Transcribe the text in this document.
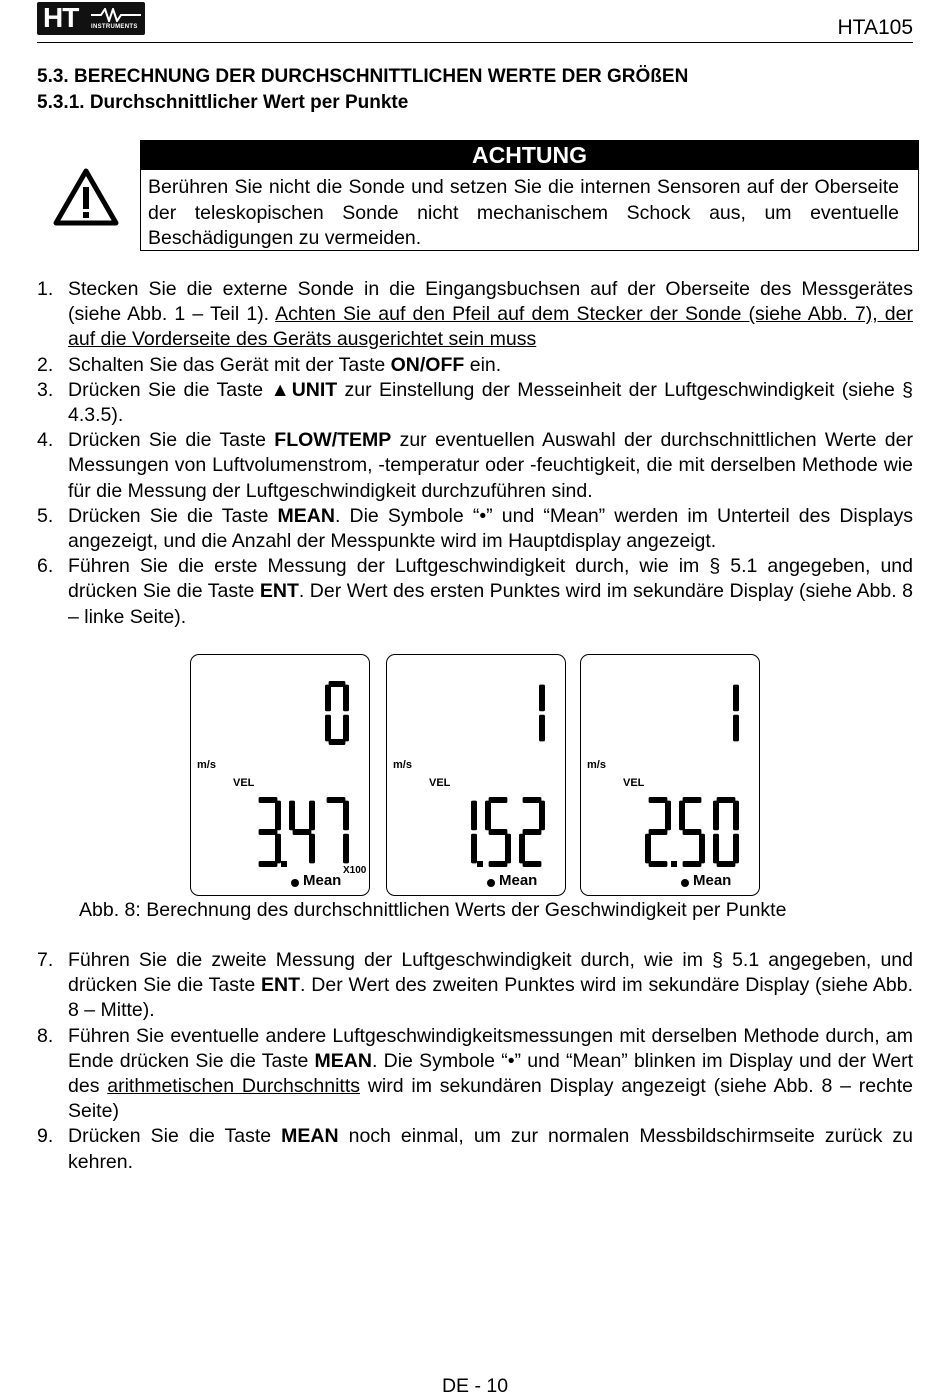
HT INSTRUMENTS	HTA105
5.3. BERECHNUNG DER DURCHSCHNITTLICHEN WERTE DER GRÖßEN
5.3.1. Durchschnittlicher Wert per Punkte
ACHTUNG
Berühren Sie nicht die Sonde und setzen Sie die internen Sensoren auf der Oberseite der teleskopischen Sonde nicht mechanischem Schock aus, um eventuelle Beschädigungen zu vermeiden.
1. Stecken Sie die externe Sonde in die Eingangsbuchsen auf der Oberseite des Messgerätes (siehe Abb. 1 – Teil 1). Achten Sie auf den Pfeil auf dem Stecker der Sonde (siehe Abb. 7), der auf die Vorderseite des Geräts ausgerichtet sein muss
2. Schalten Sie das Gerät mit der Taste ON/OFF ein.
3. Drücken Sie die Taste ▲UNIT zur Einstellung der Messeinheit der Luftgeschwindigkeit (siehe § 4.3.5).
4. Drücken Sie die Taste FLOW/TEMP zur eventuellen Auswahl der durchschnittlichen Werte der Messungen von Luftvolumenstrom, -temperatur oder -feuchtigkeit, die mit derselben Methode wie für die Messung der Luftgeschwindigkeit durchzuführen sind.
5. Drücken Sie die Taste MEAN. Die Symbole “•” und “Mean” werden im Unterteil des Displays angezeigt, und die Anzahl der Messpunkte wird im Hauptdisplay angezeigt.
6. Führen Sie die erste Messung der Luftgeschwindigkeit durch, wie im § 5.1 angegeben, und drücken Sie die Taste ENT. Der Wert des ersten Punktes wird im sekundäre Display (siehe Abb. 8 – linke Seite).
m/s
VEL
X100
Mean
m/s
VEL
Mean
m/s
VEL
Mean
Abb. 8: Berechnung des durchschnittlichen Werts der Geschwindigkeit per Punkte
7. Führen Sie die zweite Messung der Luftgeschwindigkeit durch, wie im § 5.1 angegeben, und drücken Sie die Taste ENT. Der Wert des zweiten Punktes wird im sekundäre Display (siehe Abb. 8 – Mitte).
8. Führen Sie eventuelle andere Luftgeschwindigkeitsmessungen mit derselben Methode durch, am Ende drücken Sie die Taste MEAN. Die Symbole “•” und “Mean” blinken im Display und der Wert des arithmetischen Durchschnitts wird im sekundären Display angezeigt (siehe Abb. 8 – rechte Seite)
9. Drücken Sie die Taste MEAN noch einmal, um zur normalen Messbildschirmseite zurück zu kehren.
DE - 10
